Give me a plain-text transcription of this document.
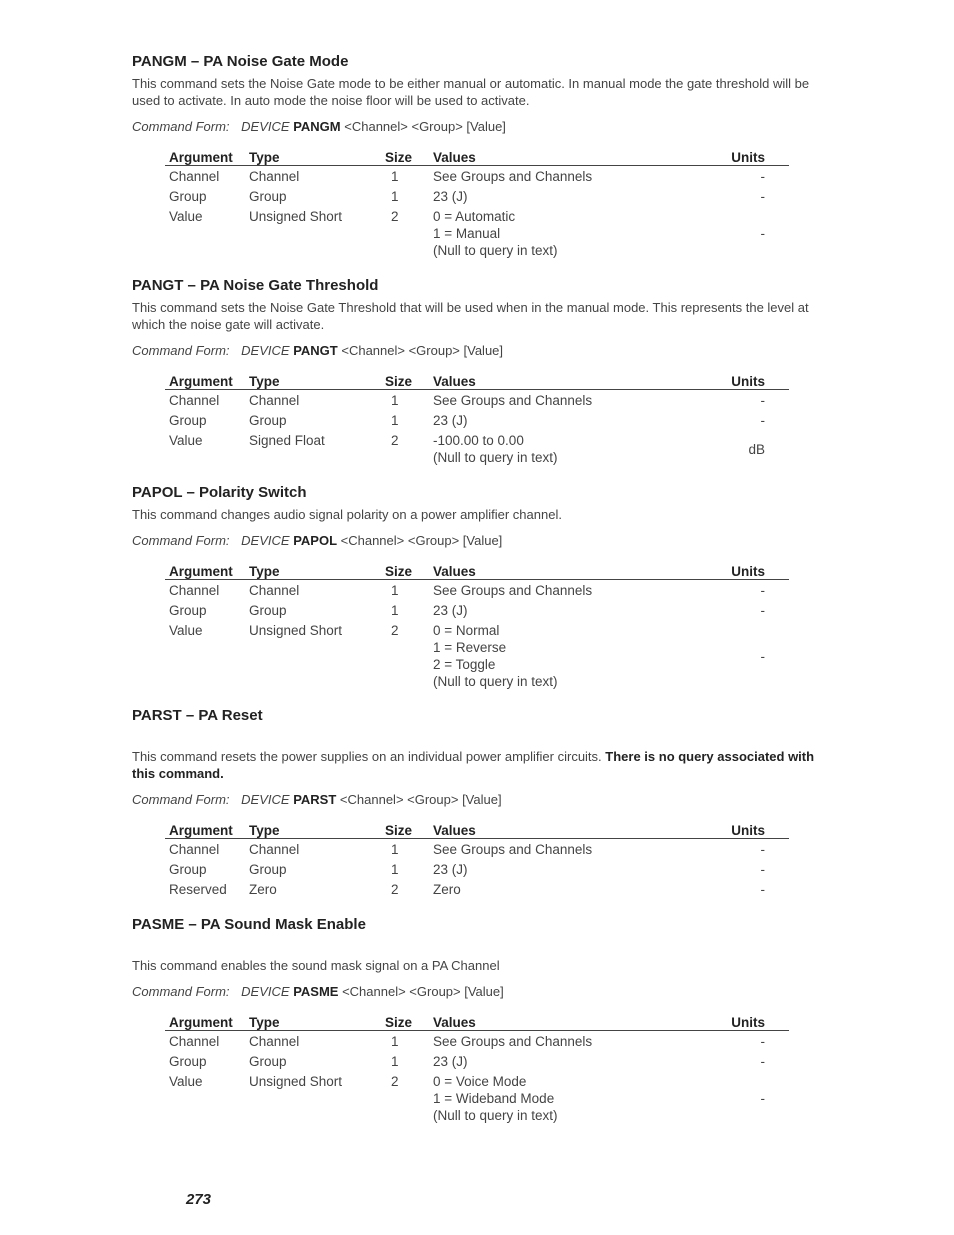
PANGM – PA Noise Gate Mode

This command sets the Noise Gate mode to be either manual or automatic. In manual mode the gate threshold will be used to activate. In auto mode the noise floor will be used to activate.

Command Form: DEVICE PANGM <Channel> <Group> [Value]

Argument	Type	Size	Values	Units
Channel	Channel	1	See Groups and Channels	-
Group	Group	1	23 (J)	-
Value	Unsigned Short	2	0 = Automatic
1 = Manual
(Null to query in text)	-
PANGT – PA Noise Gate Threshold

This command sets the Noise Gate Threshold that will be used when in the manual mode. This represents the level at which the noise gate will activate.

Command Form: DEVICE PANGT <Channel> <Group> [Value]

Argument	Type	Size	Values	Units
Channel	Channel	1	See Groups and Channels	-
Group	Group	1	23 (J)	-
Value	Signed Float	2	-100.00 to 0.00
(Null to query in text)	dB
PAPOL – Polarity Switch

This command changes audio signal polarity on a power amplifier channel.

Command Form: DEVICE PAPOL <Channel> <Group> [Value]

Argument	Type	Size	Values	Units
Channel	Channel	1	See Groups and Channels	-
Group	Group	1	23 (J)	-
Value	Unsigned Short	2	0 = Normal
1 = Reverse
2 = Toggle
(Null to query in text)	-
PARST – PA Reset

This command resets the power supplies on an individual power amplifier circuits. There is no query associated with this command.

Command Form: DEVICE PARST <Channel> <Group> [Value]

Argument	Type	Size	Values	Units
Channel	Channel	1	See Groups and Channels	-
Group	Group	1	23 (J)	-
Reserved	Zero	2	Zero	-
PASME – PA Sound Mask Enable

This command enables the sound mask signal on a PA Channel

Command Form: DEVICE PASME <Channel> <Group> [Value]

Argument	Type	Size	Values	Units
Channel	Channel	1	See Groups and Channels	-
Group	Group	1	23 (J)	-
Value	Unsigned Short	2	0 = Voice Mode
1 = Wideband Mode
(Null to query in text)	-
273
